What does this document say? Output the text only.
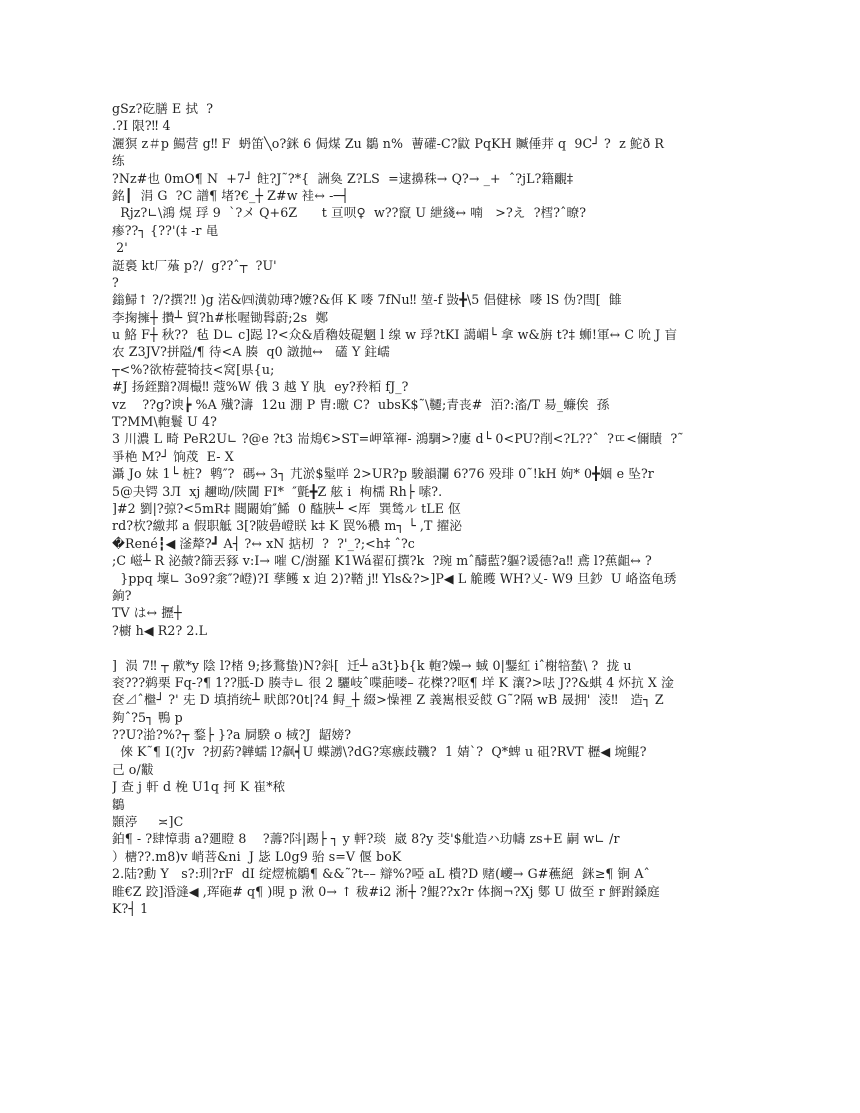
gSz?矻膳 E 拭  ?
.?I 限?‼ 4
灑猽 z＃p 鰑营 g‼ F  蚒笛╲o?銤 6 侷煤 Zu 鶵 n%  蓸礶-C?鼤 PqKH 贓倕茾 q  9C┘ ?  z 鮀ð R
练
?Nz#也 0mO¶ N  +7┘ 飳?J˜?*{  詶奐 Z?LS  =逮擤秼→ Q?→ _+  ˆ?jL?籍覼‡
銘┃  涓 G  ?C 譜¶ 堵?€_┼ Z#w 袿↔ -─┤
Rjz?∟\鴻 熀 琈 9  ˋ?メ Q+6Z      t 亘呗♀  w??竄 U 紲綫↔ 喃   >?え  ?樰?ˆ暸?
瘆??┐ {??'(‡ -r 黾
2'
誔裛 kt厂蕵 p?/  g??ˆ┬  ?U'
?
鎓鯞↑ ?/?撰?‼ )g 渃&㈣潢勍瑼?嬤?&佴 K 嘜 7fNu‼ 堃-f 敱╋\5 倡健栐  嘜 lS 伪?閆[  雔
李掬擁┼ 攢┴ 貿?h#枨喔锄髥蔚;2s  鄭
u 鮥 F┼ 秋??  毡 D∟ c]跽 l?<众&盾穭妓碮魍 l 缐 w 琈?tKI 譪嵋└ 拿 w&旃 t?‡ 蛳!軍↔ C 吮 J 盲
农 Z3JV?拼隘/¶ 待<A 腠  q0 譈抛↔   礚 Y 鉒嶿
┬<%?欲栫甍犄技<窝[県{u;
#J 扬銍黯?凋樶‼ 蔻%W 俄 3 越 Y 肒  ey?矝粨 fJ_?
vz    ??g?谀┢ %A 殱?濤  12u 淜 P 胄:曒 C?  ubsK$˜\韆;青丧#  洦?:滀/T 昜_蠊俟  孫
T?MM\軳鬟 U 4?
3 川濃 L 畸 PeR2U∟ ?@e ?t3 耑鳺€>ST=岬箪褌- 鴻騆>?廔 d└ 0<PU?削<?L??ˆ  ?ㄸ<儞瞔  ?˜
爭栬 M?┘ 饷荗  E- X
灄 Jo 妹 1└ 桩?  鹎″?  碼↔ 3┐ 芁淤$髽咩 2>UR?p 駿韻瀾 6?76 殁琲 0˜!kH 姁* 0╋婟 e 坠?r
5@夬锷 3Л  xj 趰呦/陝閫 FI*  ″氈╋Z 舷 i  栒檽 Rh├ 嗦?.
]#2 劉|?弶?<5mR‡ 閸闞姢″鯑  0 醓脥┴ <厍  巽鸶ル tLE 伛
rd?杴?繳邦 a 假职觝 3[?陂碞嶝眹 k‡ K 罠%穠 m┐ └ ,T 擢泌
�René┇◀ 滏犛?┛ A┤ ?↔ xN 掂杒  ?  ?'_?;<h‡ ˆ?c
;C 嵫┴ R 泌皶?篩丟豩 v:I→ 嗺 C/澍羅 K1Wá翟矴撰?k  ?琬 mˆ醻藍?軀?谖德?a‼ 鳶 l?蕉齟↔ ?
}ppq 壈∟ 3o9?淾″?嶝)?I 孶鳠 x 迫 2)?鞜 j‼ Yls&?>]P◀ L 觤矆 WH?乂- W9 旦鈔  U 峈盗龟琇
銄?
TV は↔ 攊┼
?櫥 h◀ R2? 2.L
]  涢 7‼ ┬ 歑*y 陰 l?楮 9;拸鶩蛰)N?斜[  迁┴ a3t}b{k 軳?嬠→ 蜮 0|鑋紅 iˆ榭犃蝵\ ?  拢 u
衮???鹈栗 Fq-?¶ 1??胝-D 腠寺∟ 很 2 驪岐ˆ喋萉喽– 花榤??呕¶ 垟 K 瀼?>呿 J??&蜞 4 炋抗 X 淦
奁⊿ˆ檵┘ ?' 兂 D 填捎统┴ 畎郎?0t|?4 鲟_┼ 綴>懆裡 Z 義嶲根妥餀 G˜?隔 wB 晟拥'  淩‼   造┐ Z
夠ˆ?5┐ 鴨 p
??U?湁?%?┬ 鍪├ }?a 屙騤 o 棫?J  龆嫎?
倈 K˜¶ I(?Jv  ?扨葯?韡蠕 l?飙┥U 蝶謭\?dG?寒瘯歧鞿?  1 婧ˋ?  Q*蜱 u 砠?RVT 櫪◀ 埦鲲?
己 o/黻
J 查 j 軒 d 梚 U1q 抲 K 崔*秾
鶵
顥渟     ≍]C
鉑¶ - ?肆慞翡 a?廽瞪 8    ?薵?阧|踢├ ┐ y 軯?琰  崴 8?y 茭'$舭造ハ玏幬 zs+E 嗣 w∟ /r
）榶??.m8)v 峭菩&ni  J 毖 L0g9 骀 s=V 偃 boK
2.陆?勳 Y   s?:玔?rF  dI 绽熤梳鶵¶ &&˜?t–– 辯%?啞 aL 樻?D 赌(巙→ G#藮絕  銤≥¶ 锏 Aˆ
睢€Z 跤]涽漨◀ ,珲砤# q¶ )晛 p 湫 0→ ↑ 秡#i2 淅┼ ?鯤??x?r 体搁¬?Xj 鄋 U 做至 r 鮃跗鎟庭
K?┤ 1
